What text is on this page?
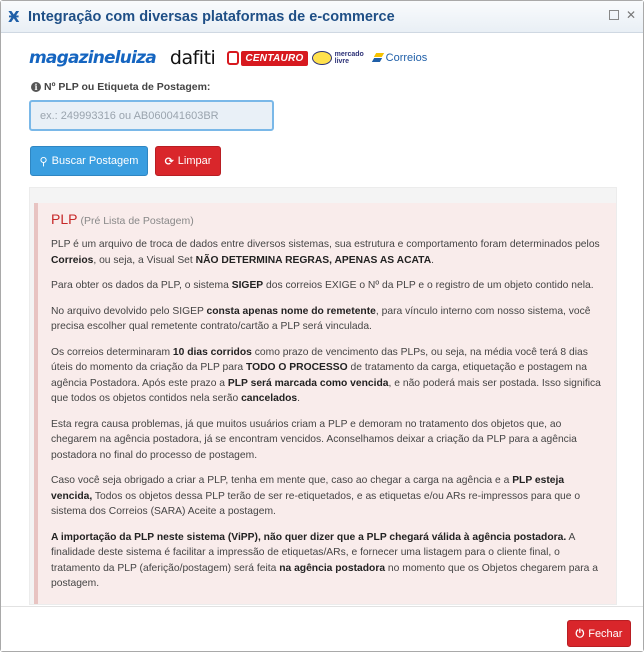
Ӿ Integração com diversas plataformas de e-commerce	✕
magazineluiza dafiti	CENTAURO	mercado livre	Correios
i Nº PLP ou Etiqueta de Postagem:
ex.: 249993316 ou AB060041603BR
⚲ Buscar Postagem ⟳ Limpar
PLP (Pré Lista de Postagem)

PLP é um arquivo de troca de dados entre diversos sistemas, sua estrutura e comportamento foram determinados pelos Correios, ou seja, a Visual Set NÃO DETERMINA REGRAS, APENAS AS ACATA.

Para obter os dados da PLP, o sistema SIGEP dos correios EXIGE o Nº da PLP e o registro de um objeto contido nela.

No arquivo devolvido pelo SIGEP consta apenas nome do remetente, para vínculo interno com nosso sistema, você precisa escolher qual remetente contrato/cartão a PLP será vinculada.

Os correios determinaram 10 dias corridos como prazo de vencimento das PLPs, ou seja, na média você terá 8 dias úteis do momento da criação da PLP para TODO O PROCESSO de tratamento da carga, etiquetação e postagem na agência Postadora. Após este prazo a PLP será marcada como vencida, e não poderá mais ser postada. Isso significa que todos os objetos contidos nela serão cancelados.

Esta regra causa problemas, já que muitos usuários criam a PLP e demoram no tratamento dos objetos que, ao chegarem na agência postadora, já se encontram vencidos. Aconselhamos deixar a criação da PLP para a agência postadora no final do processo de postagem.

Caso você seja obrigado a criar a PLP, tenha em mente que, caso ao chegar a carga na agência e a PLP esteja vencida, Todos os objetos dessa PLP terão de ser re-etiquetados, e as etiquetas e/ou ARs re-impressos para que o sistema dos Correios (SARA) Aceite a postagem.

A importação da PLP neste sistema (ViPP), não quer dizer que a PLP chegará válida à agência postadora. A finalidade deste sistema é facilitar a impressão de etiquetas/ARs, e fornecer uma listagem para o cliente final, o tratamento da PLP (aferição/postagem) será feita na agência postadora no momento que os Objetos chegarem para a postagem.

⏻ Fechar
